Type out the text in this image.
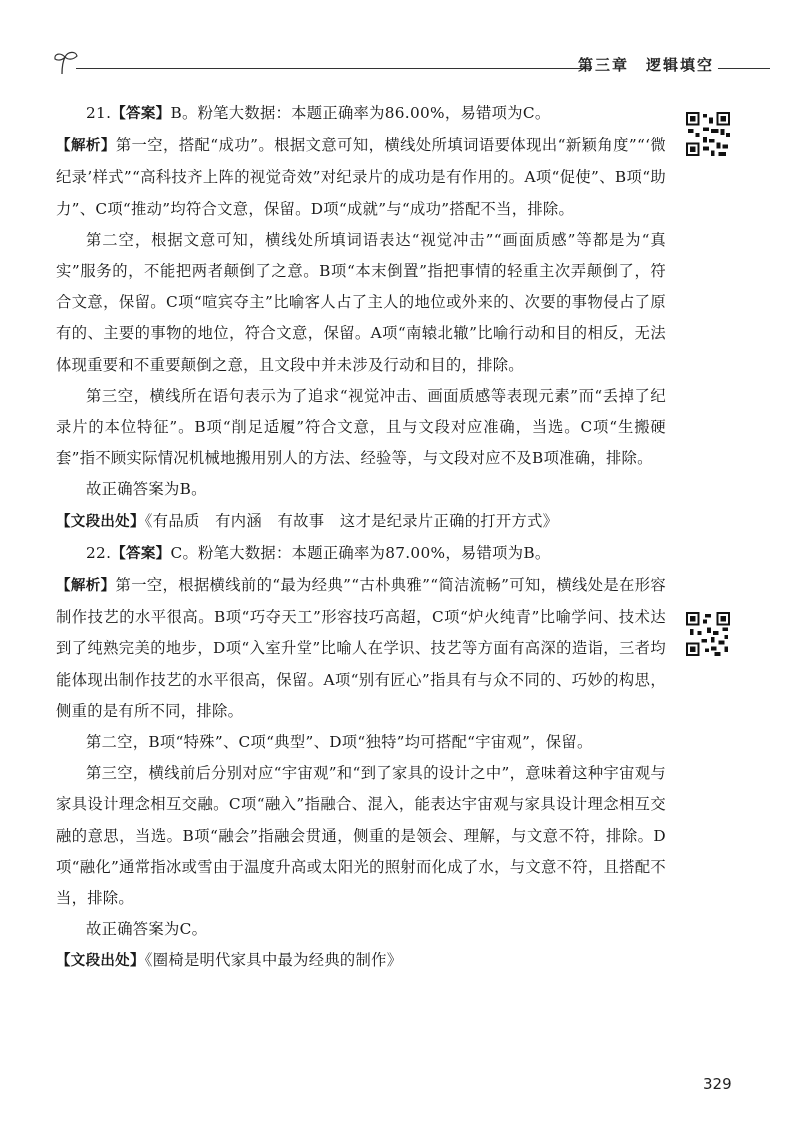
第三章　逻辑填空

21.【答案】B。粉笔大数据：本题正确率为86.00%，易错项为C。

【解析】第一空，搭配“成功”。根据文意可知，横线处所填词语要体现出“新颖角度”“‘微纪录’样式”“高科技齐上阵的视觉奇效”对纪录片的成功是有作用的。A项“促使”、B项“助力”、C项“推动”均符合文意，保留。D项“成就”与“成功”搭配不当，排除。

第二空，根据文意可知，横线处所填词语表达“视觉冲击”“画面质感”等都是为“真实”服务的，不能把两者颠倒了之意。B项“本末倒置”指把事情的轻重主次弄颠倒了，符合文意，保留。C项“喧宾夺主”比喻客人占了主人的地位或外来的、次要的事物侵占了原有的、主要的事物的地位，符合文意，保留。A项“南辕北辙”比喻行动和目的相反，无法体现重要和不重要颠倒之意，且文段中并未涉及行动和目的，排除。

第三空，横线所在语句表示为了追求“视觉冲击、画面质感等表现元素”而“丢掉了纪录片的本位特征”。B项“削足适履”符合文意，且与文段对应准确，当选。C项“生搬硬套”指不顾实际情况机械地搬用别人的方法、经验等，与文段对应不及B项准确，排除。

故正确答案为B。

【文段出处】《有品质　有内涵　有故事　这才是纪录片正确的打开方式》

22.【答案】C。粉笔大数据：本题正确率为87.00%，易错项为B。

【解析】第一空，根据横线前的“最为经典”“古朴典雅”“简洁流畅”可知，横线处是在形容制作技艺的水平很高。B项“巧夺天工”形容技巧高超，C项“炉火纯青”比喻学问、技术达到了纯熟完美的地步，D项“入室升堂”比喻人在学识、技艺等方面有高深的造诣，三者均能体现出制作技艺的水平很高，保留。A项“别有匠心”指具有与众不同的、巧妙的构思，侧重的是有所不同，排除。

第二空，B项“特殊”、C项“典型”、D项“独特”均可搭配“宇宙观”，保留。

第三空，横线前后分别对应“宇宙观”和“到了家具的设计之中”，意味着这种宇宙观与家具设计理念相互交融。C项“融入”指融合、混入，能表达宇宙观与家具设计理念相互交融的意思，当选。B项“融会”指融会贯通，侧重的是领会、理解，与文意不符，排除。D项“融化”通常指冰或雪由于温度升高或太阳光的照射而化成了水，与文意不符，且搭配不当，排除。

故正确答案为C。

【文段出处】《圈椅是明代家具中最为经典的制作》

329
